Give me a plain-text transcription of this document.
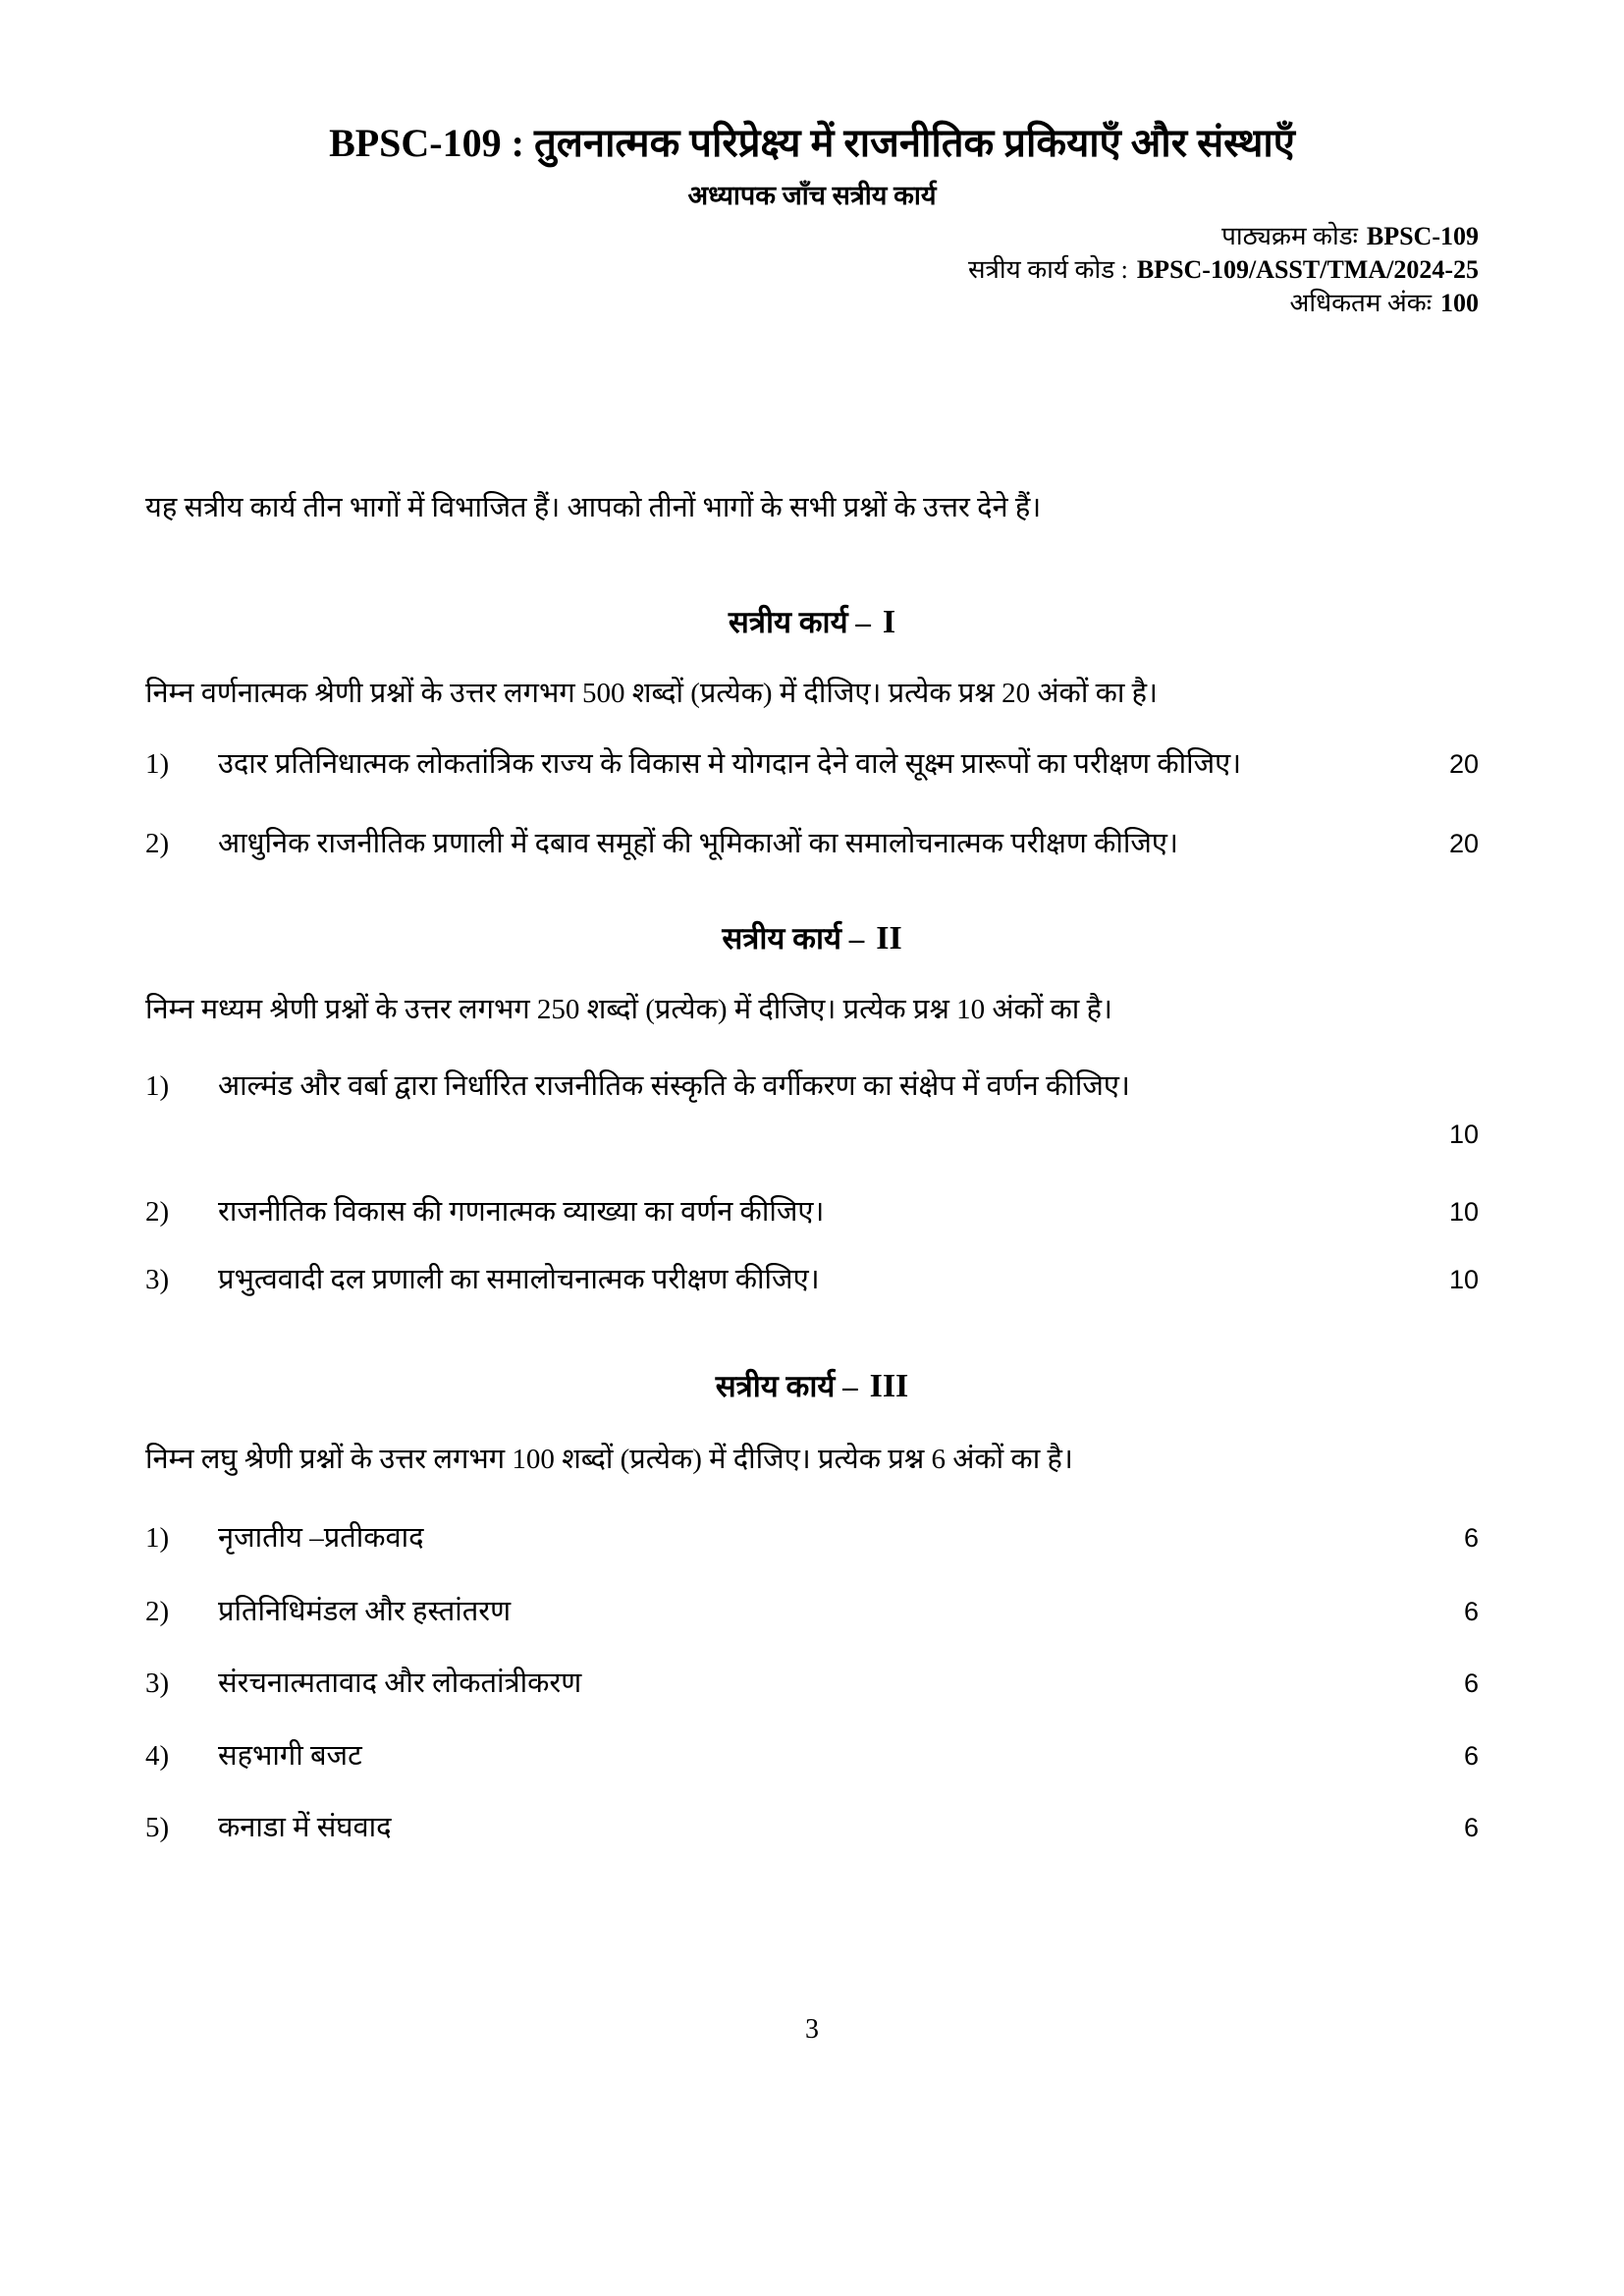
BPSC-109 : तुलनात्मक परिप्रेक्ष्य में राजनीतिक प्रकियाएँ और संस्थाएँ
अध्यापक जाँच सत्रीय कार्य
पाठ्यक्रम कोडः BPSC-109
सत्रीय कार्य कोड : BPSC-109/ASST/TMA/2024-25
अधिकतम अंकः 100

यह सत्रीय कार्य तीन भागों में विभाजित हैं। आपको तीनों भागों के सभी प्रश्नों के उत्तर देने हैं।

सत्रीय कार्य – I

निम्न वर्णनात्मक श्रेणी प्रश्नों के उत्तर लगभग 500 शब्दों (प्रत्येक) में दीजिए। प्रत्येक प्रश्न 20 अंकों का है।

1)	उदार प्रतिनिधात्मक लोकतांत्रिक राज्य के विकास मे योगदान देने वाले सूक्ष्म प्रारूपों का परीक्षण कीजिए।	20
2)	आधुनिक राजनीतिक प्रणाली में दबाव समूहों की भूमिकाओं का समालोचनात्मक परीक्षण कीजिए।	20
सत्रीय कार्य – II

निम्न मध्यम श्रेणी प्रश्नों के उत्तर लगभग 250 शब्दों (प्रत्येक) में दीजिए। प्रत्येक प्रश्न 10 अंकों का है।

1)	आल्मंड और वर्बा द्वारा निर्धारित राजनीतिक संस्कृति के वर्गीकरण का संक्षेप में वर्णन कीजिए।
10
2)	राजनीतिक विकास की गणनात्मक व्याख्या का वर्णन कीजिए।	10
3)	प्रभुत्ववादी दल प्रणाली का समालोचनात्मक परीक्षण कीजिए।	10
सत्रीय कार्य – III

निम्न लघु श्रेणी प्रश्नों के उत्तर लगभग 100 शब्दों (प्रत्येक) में दीजिए। प्रत्येक प्रश्न 6 अंकों का है।

1)	नृजातीय –प्रतीकवाद	6
2)	प्रतिनिधिमंडल और हस्तांतरण	6
3)	संरचनात्मतावाद और लोकतांत्रीकरण	6
4)	सहभागी बजट	6
5)	कनाडा में संघवाद	6
3
